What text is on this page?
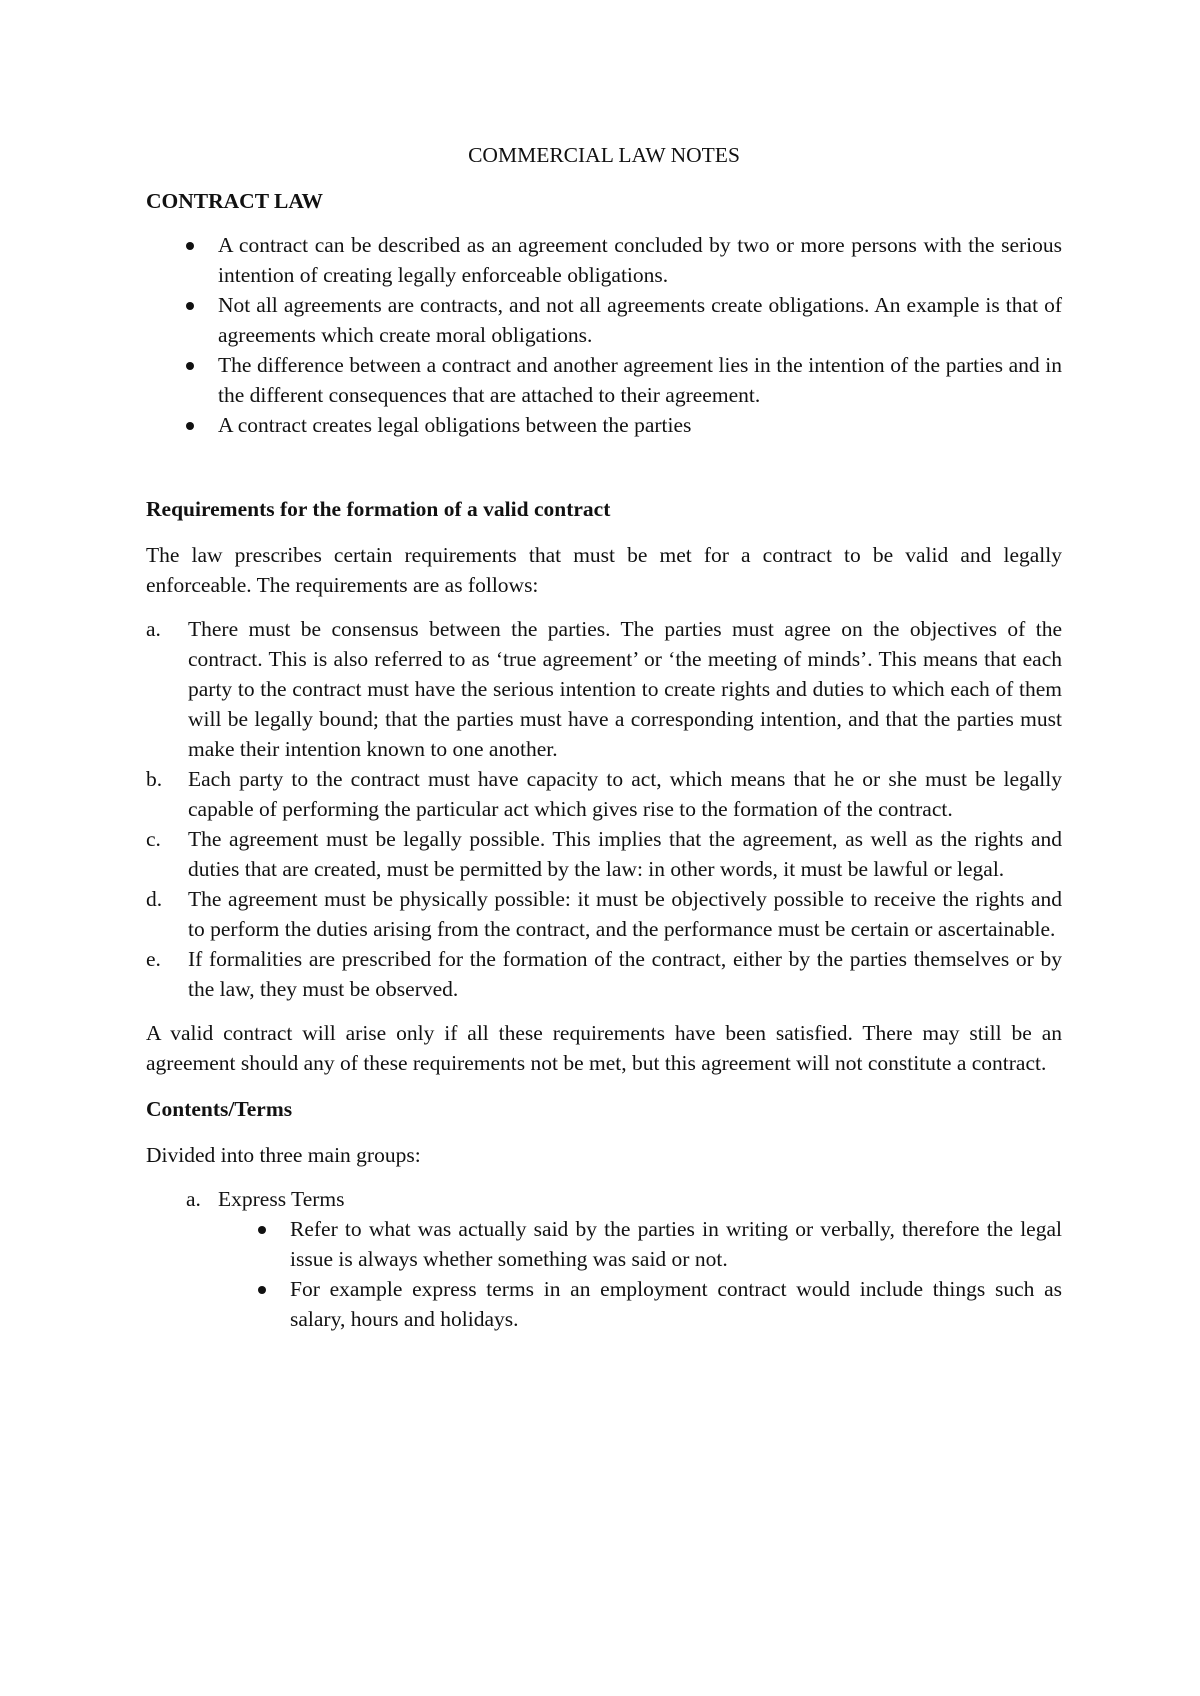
COMMERCIAL LAW NOTES
CONTRACT LAW
A contract can be described as an agreement concluded by two or more persons with the serious intention of creating legally enforceable obligations.
Not all agreements are contracts, and not all agreements create obligations. An example is that of agreements which create moral obligations.
The difference between a contract and another agreement lies in the intention of the parties and in the different consequences that are attached to their agreement.
A contract creates legal obligations between the parties
Requirements for the formation of a valid contract

The law prescribes certain requirements that must be met for a contract to be valid and legally enforceable. The requirements are as follows:

a. There must be consensus between the parties. The parties must agree on the objectives of the contract. This is also referred to as ‘true agreement’ or ‘the meeting of minds’. This means that each party to the contract must have the serious intention to create rights and duties to which each of them will be legally bound; that the parties must have a corresponding intention, and that the parties must make their intention known to one another.
b. Each party to the contract must have capacity to act, which means that he or she must be legally capable of performing the particular act which gives rise to the formation of the contract.
c. The agreement must be legally possible. This implies that the agreement, as well as the rights and duties that are created, must be permitted by the law: in other words, it must be lawful or legal.
d. The agreement must be physically possible: it must be objectively possible to receive the rights and to perform the duties arising from the contract, and the performance must be certain or ascertainable.
e. If formalities are prescribed for the formation of the contract, either by the parties themselves or by the law, they must be observed.

A valid contract will arise only if all these requirements have been satisfied. There may still be an agreement should any of these requirements not be met, but this agreement will not constitute a contract.

Contents/Terms

Divided into three main groups:

a. Express Terms
Refer to what was actually said by the parties in writing or verbally, therefore the legal issue is always whether something was said or not.
For example express terms in an employment contract would include things such as salary, hours and holidays.
